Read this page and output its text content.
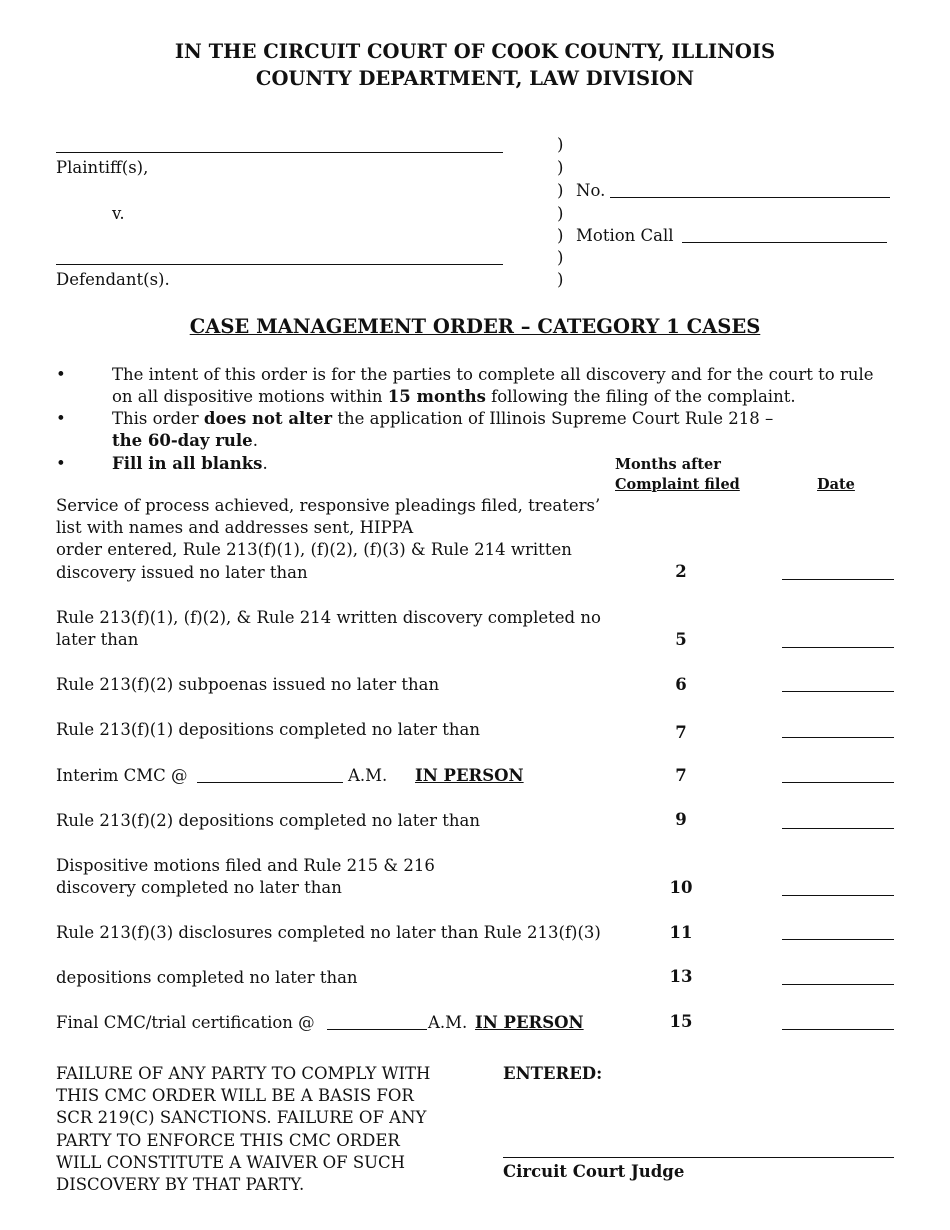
IN THE CIRCUIT COURT OF COOK COUNTY, ILLINOIS
COUNTY DEPARTMENT, LAW DIVISION
Plaintiff(s),
v.
Defendant(s).
)
)
)
)
)
)
)
No.
Motion Call
CASE MANAGEMENT ORDER – CATEGORY 1 CASES
•	The intent of this order is for the parties to complete all discovery and for the court to rule
on all dispositive motions within 15 months following the filing of the complaint.
•	This order does not alter the application of Illinois Supreme Court Rule 218 –
the 60-day rule.
•	Fill in all blanks.	Months after
Complaint filed	Date
Service of process achieved, responsive pleadings filed, treaters’
list with names and addresses sent, HIPPA
order entered, Rule 213(f)(1), (f)(2), (f)(3) & Rule 214 written
discovery issued no later than	2
Rule 213(f)(1), (f)(2), & Rule 214 written discovery completed no
later than	5
Rule 213(f)(2) subpoenas issued no later than	6
Rule 213(f)(1) depositions completed no later than	7
Interim CMC @	A.M. IN PERSON	7
Rule 213(f)(2) depositions completed no later than	9
Dispositive motions filed and Rule 215 & 216
discovery completed no later than	10
Rule 213(f)(3) disclosures completed no later than Rule 213(f)(3)	11
depositions completed no later than	13
Final CMC/trial certification @	A.M. IN PERSON	15
FAILURE OF ANY PARTY TO COMPLY WITH
THIS CMC ORDER WILL BE A BASIS FOR
SCR 219(C) SANCTIONS. FAILURE OF ANY
PARTY TO ENFORCE THIS CMC ORDER
WILL CONSTITUTE A WAIVER OF SUCH
DISCOVERY BY THAT PARTY.
ENTERED:
Circuit Court Judge
